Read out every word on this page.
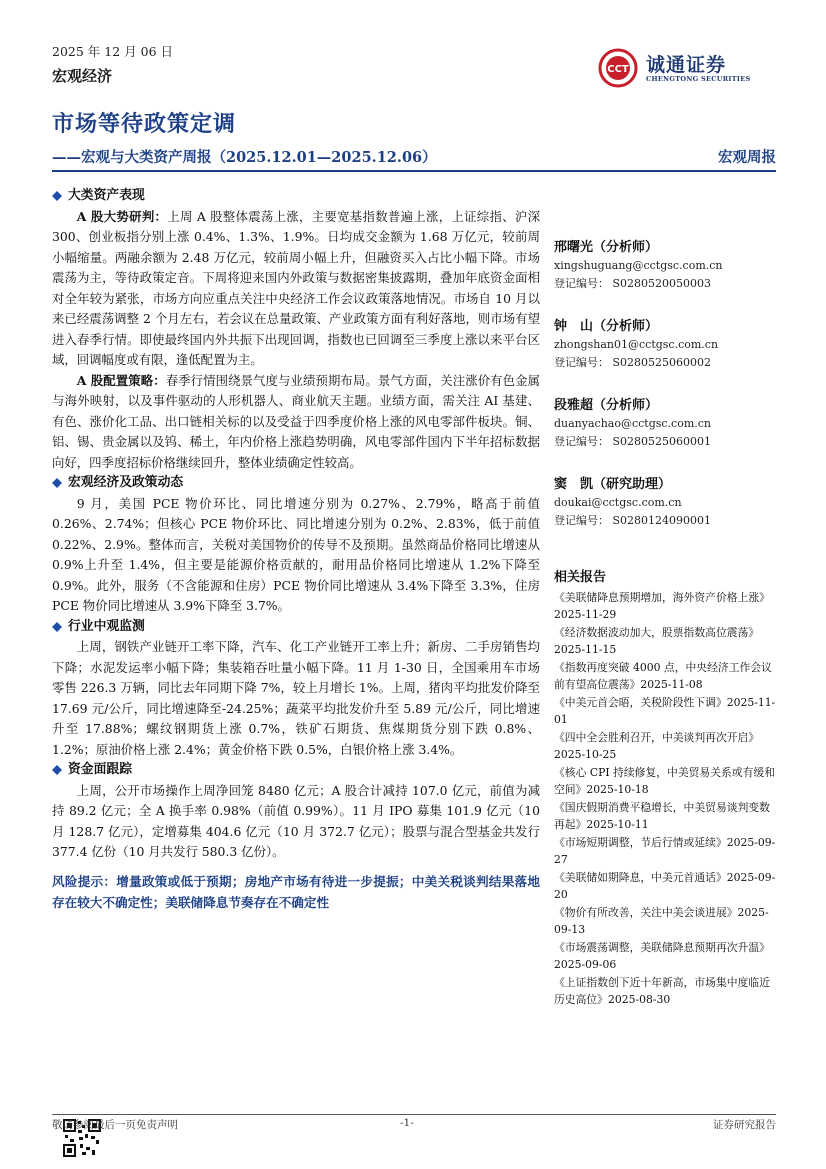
2025 年 12 月 06 日
宏观经济	CCT 诚通证券
CHENGTONG SECURITIES
市场等待政策定调
——宏观与大类资产周报（2025.12.01—2025.12.06）	宏观周报
大类资产表现

A 股大势研判：上周 A 股整体震荡上涨，主要宽基指数普遍上涨，上证综指、沪深 300、创业板指分别上涨 0.4%、1.3%、1.9%。日均成交金额为 1.68 万亿元，较前周小幅缩量。两融余额为 2.48 万亿元，较前周小幅上升，但融资买入占比小幅下降。市场震荡为主，等待政策定音。下周将迎来国内外政策与数据密集披露期，叠加年底资金面相对全年较为紧张，市场方向应重点关注中央经济工作会议政策落地情况。市场自 10 月以来已经震荡调整 2 个月左右，若会议在总量政策、产业政策方面有利好落地，则市场有望进入春季行情。即使最终国内外共振下出现回调，指数也已回调至三季度上涨以来平台区域，回调幅度或有限，逢低配置为主。

A 股配置策略：春季行情围绕景气度与业绩预期布局。景气方面，关注涨价有色金属与海外映射，以及事件驱动的人形机器人、商业航天主题。业绩方面，需关注 AI 基建、有色、涨价化工品、出口链相关标的以及受益于四季度价格上涨的风电零部件板块。铜、铝、锡、贵金属以及钨、稀土，年内价格上涨趋势明确，风电零部件国内下半年招标数据向好，四季度招标价格继续回升，整体业绩确定性较高。

宏观经济及政策动态

9 月，美国 PCE 物价环比、同比增速分别为 0.27%、2.79%，略高于前值 0.26%、2.74%；但核心 PCE 物价环比、同比增速分别为 0.2%、2.83%，低于前值 0.22%、2.9%。整体而言，关税对美国物价的传导不及预期。虽然商品价格同比增速从 0.9%上升至 1.4%，但主要是能源价格贡献的，耐用品价格同比增速从 1.2%下降至 0.9%。此外，服务（不含能源和住房）PCE 物价同比增速从 3.4%下降至 3.3%，住房 PCE 物价同比增速从 3.9%下降至 3.7%。

行业中观监测

上周，钢铁产业链开工率下降，汽车、化工产业链开工率上升；新房、二手房销售均下降；水泥发运率小幅下降；集装箱吞吐量小幅下降。11 月 1-30 日，全国乘用车市场零售 226.3 万辆，同比去年同期下降 7%，较上月增长 1%。上周，猪肉平均批发价降至 17.69 元/公斤，同比增速降至-24.25%；蔬菜平均批发价升至 5.89 元/公斤，同比增速升至 17.88%；螺纹钢期货上涨 0.7%，铁矿石期货、焦煤期货分别下跌 0.8%、1.2%；原油价格上涨 2.4%；黄金价格下跌 0.5%，白银价格上涨 3.4%。

资金面跟踪

上周，公开市场操作上周净回笼 8480 亿元；A 股合计减持 107.0 亿元，前值为减持 89.2 亿元；全 A 换手率 0.98%（前值 0.99%）。11 月 IPO 募集 101.9 亿元（10 月 128.7 亿元），定增募集 404.6 亿元（10 月 372.7 亿元）；股票与混合型基金共发行 377.4 亿份（10 月共发行 580.3 亿份）。

风险提示：增量政策或低于预期；房地产市场有待进一步提振；中美关税谈判结果落地存在较大不确定性；美联储降息节奏存在不确定性
邢曙光（分析师）
xingshuguang@cctgsc.com.cn
登记编号： S0280520050003
钟　山（分析师）
zhongshan01@cctgsc.com.cn
登记编号： S0280525060002
段雅超（分析师）
duanyachao@cctgsc.com.cn
登记编号： S0280525060001
窦　凯（研究助理）
doukai@cctgsc.com.cn
登记编号： S0280124090001
相关报告
《美联储降息预期增加，海外资产价格上涨》2025-11-29
《经济数据波动加大，股票指数高位震荡》2025-11-15
《指数再度突破 4000 点，中央经济工作会议前有望高位震荡》2025-11-08
《中美元首会晤，关税阶段性下调》2025-11-01
《四中全会胜利召开，中美谈判再次开启》2025-10-25
《核心 CPI 持续修复，中美贸易关系或有缓和空间》2025-10-18
《国庆假期消费平稳增长，中美贸易谈判变数再起》2025-10-11
《市场短期调整，节后行情或延续》2025-09-27
《美联储如期降息，中美元首通话》2025-09-20
《物价有所改善，关注中美会谈进展》2025-09-13
《市场震荡调整，美联储降息预期再次升温》2025-09-06
《上证指数创下近十年新高，市场集中度临近历史高位》2025-08-30
敬请参阅最后一页免责声明	-1-	证券研究报告
